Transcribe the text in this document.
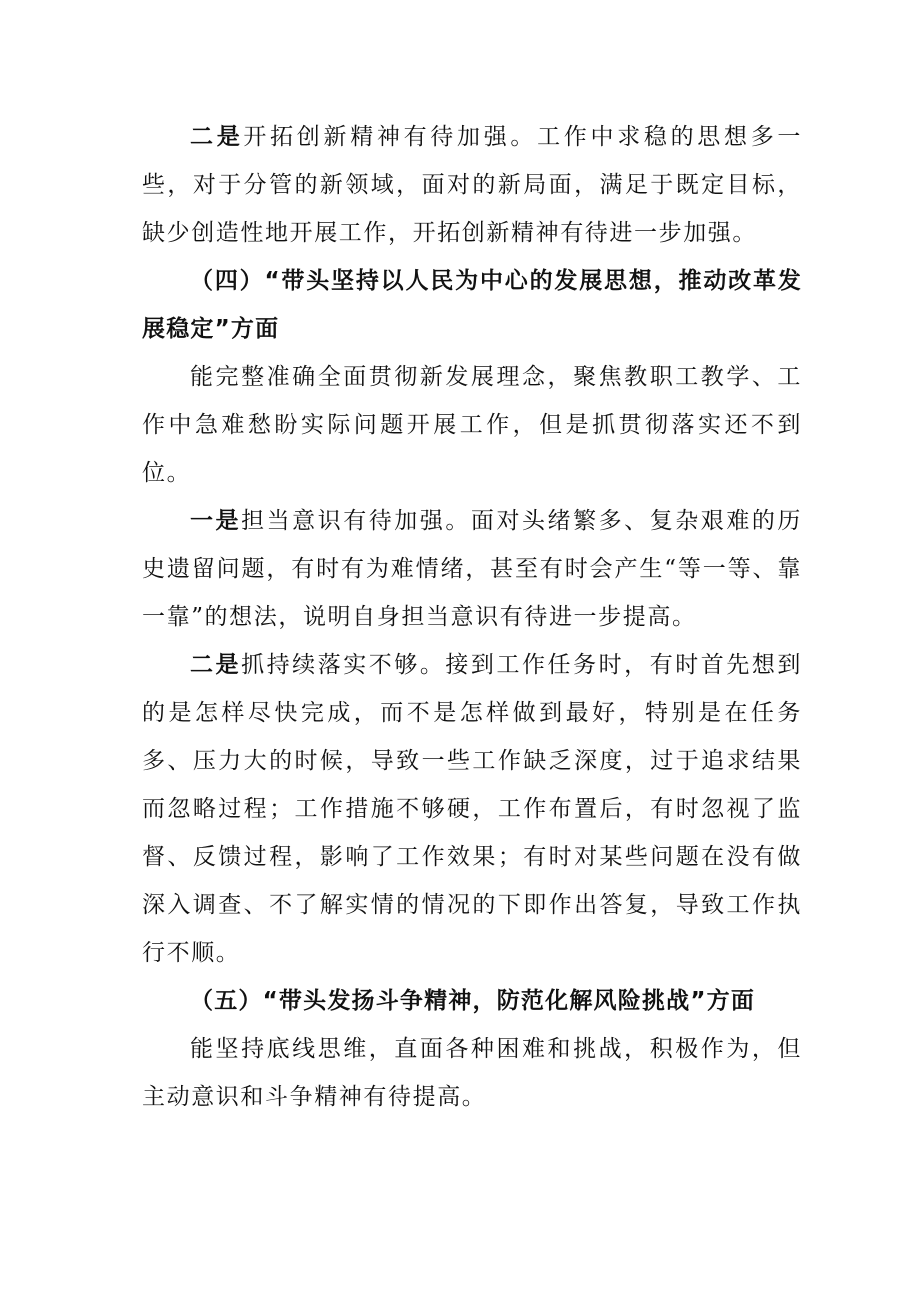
二是开拓创新精神有待加强。工作中求稳的思想多一些，对于分管的新领域，面对的新局面，满足于既定目标，缺少创造性地开展工作，开拓创新精神有待进一步加强。

（四）“带头坚持以人民为中心的发展思想，推动改革发展稳定”方面

能完整准确全面贯彻新发展理念，聚焦教职工教学、工作中急难愁盼实际问题开展工作，但是抓贯彻落实还不到位。

一是担当意识有待加强。面对头绪繁多、复杂艰难的历史遗留问题，有时有为难情绪，甚至有时会产生“等一等、靠一靠”的想法，说明自身担当意识有待进一步提高。

二是抓持续落实不够。接到工作任务时，有时首先想到的是怎样尽快完成，而不是怎样做到最好，特别是在任务多、压力大的时候，导致一些工作缺乏深度，过于追求结果而忽略过程；工作措施不够硬，工作布置后，有时忽视了监督、反馈过程，影响了工作效果；有时对某些问题在没有做深入调查、不了解实情的情况的下即作出答复，导致工作执行不顺。

（五）“带头发扬斗争精神，防范化解风险挑战”方面

能坚持底线思维，直面各种困难和挑战，积极作为，但主动意识和斗争精神有待提高。
